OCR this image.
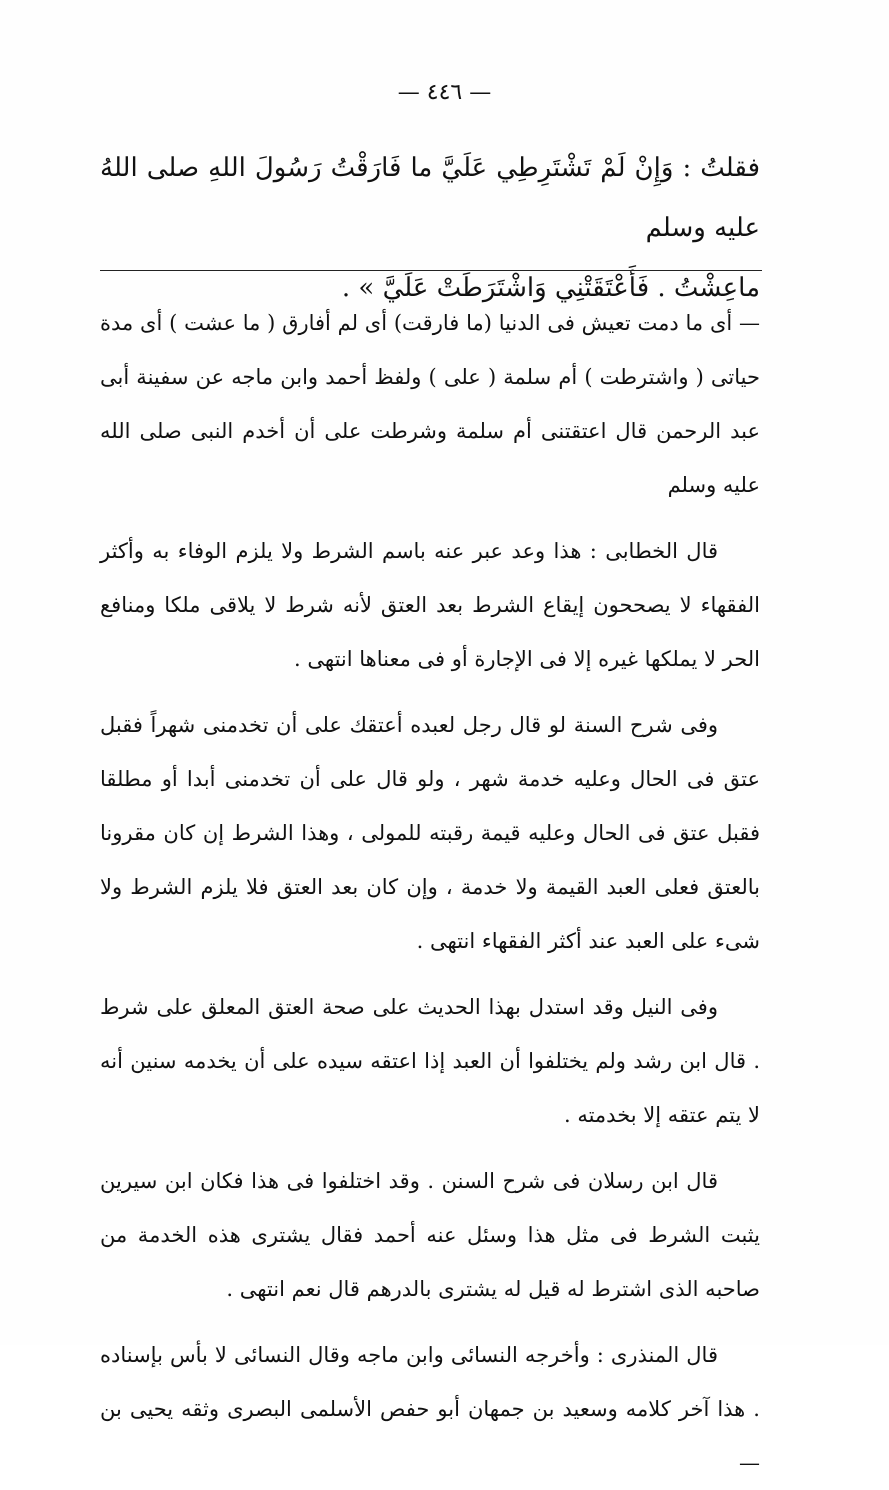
— ٤٤٦ —

فقلتُ : وَإِنْ لَمْ تَشْتَرِطِي عَلَيَّ ما فَارَقْتُ رَسُولَ اللهِ صلى اللهُ عليه وسلم

ماعِشْتُ . فَأَعْتَقَتْنِي وَاشْتَرَطَتْ عَلَيَّ » .

— أى ما دمت تعيش فى الدنيا (ما فارقت) أى لم أفارق ( ما عشت ) أى مدة حياتى ( واشترطت ) أم سلمة ( على ) ولفظ أحمد وابن ماجه عن سفينة أبى عبد الرحمن قال اعتقتنى أم سلمة وشرطت على أن أخدم النبى صلى الله عليه وسلم

قال الخطابى : هذا وعد عبر عنه باسم الشرط ولا يلزم الوفاء به وأكثر الفقهاء لا يصححون إيقاع الشرط بعد العتق لأنه شرط لا يلاقى ملكا ومنافع الحر لا يملكها غيره إلا فى الإجارة أو فى معناها انتهى .

وفى شرح السنة لو قال رجل لعبده أعتقك على أن تخدمنى شهراً فقبل عتق فى الحال وعليه خدمة شهر ، ولو قال على أن تخدمنى أبدا أو مطلقا فقبل عتق فى الحال وعليه قيمة رقبته للمولى ، وهذا الشرط إن كان مقرونا بالعتق فعلى العبد القيمة ولا خدمة ، وإن كان بعد العتق فلا يلزم الشرط ولا شىء على العبد عند أكثر الفقهاء انتهى .

وفى النيل وقد استدل بهذا الحديث على صحة العتق المعلق على شرط . قال ابن رشد ولم يختلفوا أن العبد إذا اعتقه سيده على أن يخدمه سنين أنه لا يتم عتقه إلا بخدمته .

قال ابن رسلان فى شرح السنن . وقد اختلفوا فى هذا فكان ابن سيرين يثبت الشرط فى مثل هذا وسئل عنه أحمد فقال يشترى هذه الخدمة من صاحبه الذى اشترط له قيل له يشترى بالدرهم قال نعم انتهى .

قال المنذرى : وأخرجه النسائى وابن ماجه وقال النسائى لا بأس بإسناده . هذا آخر كلامه وسعيد بن جمهان أبو حفص الأسلمى البصرى وثقه يحيى بن —
